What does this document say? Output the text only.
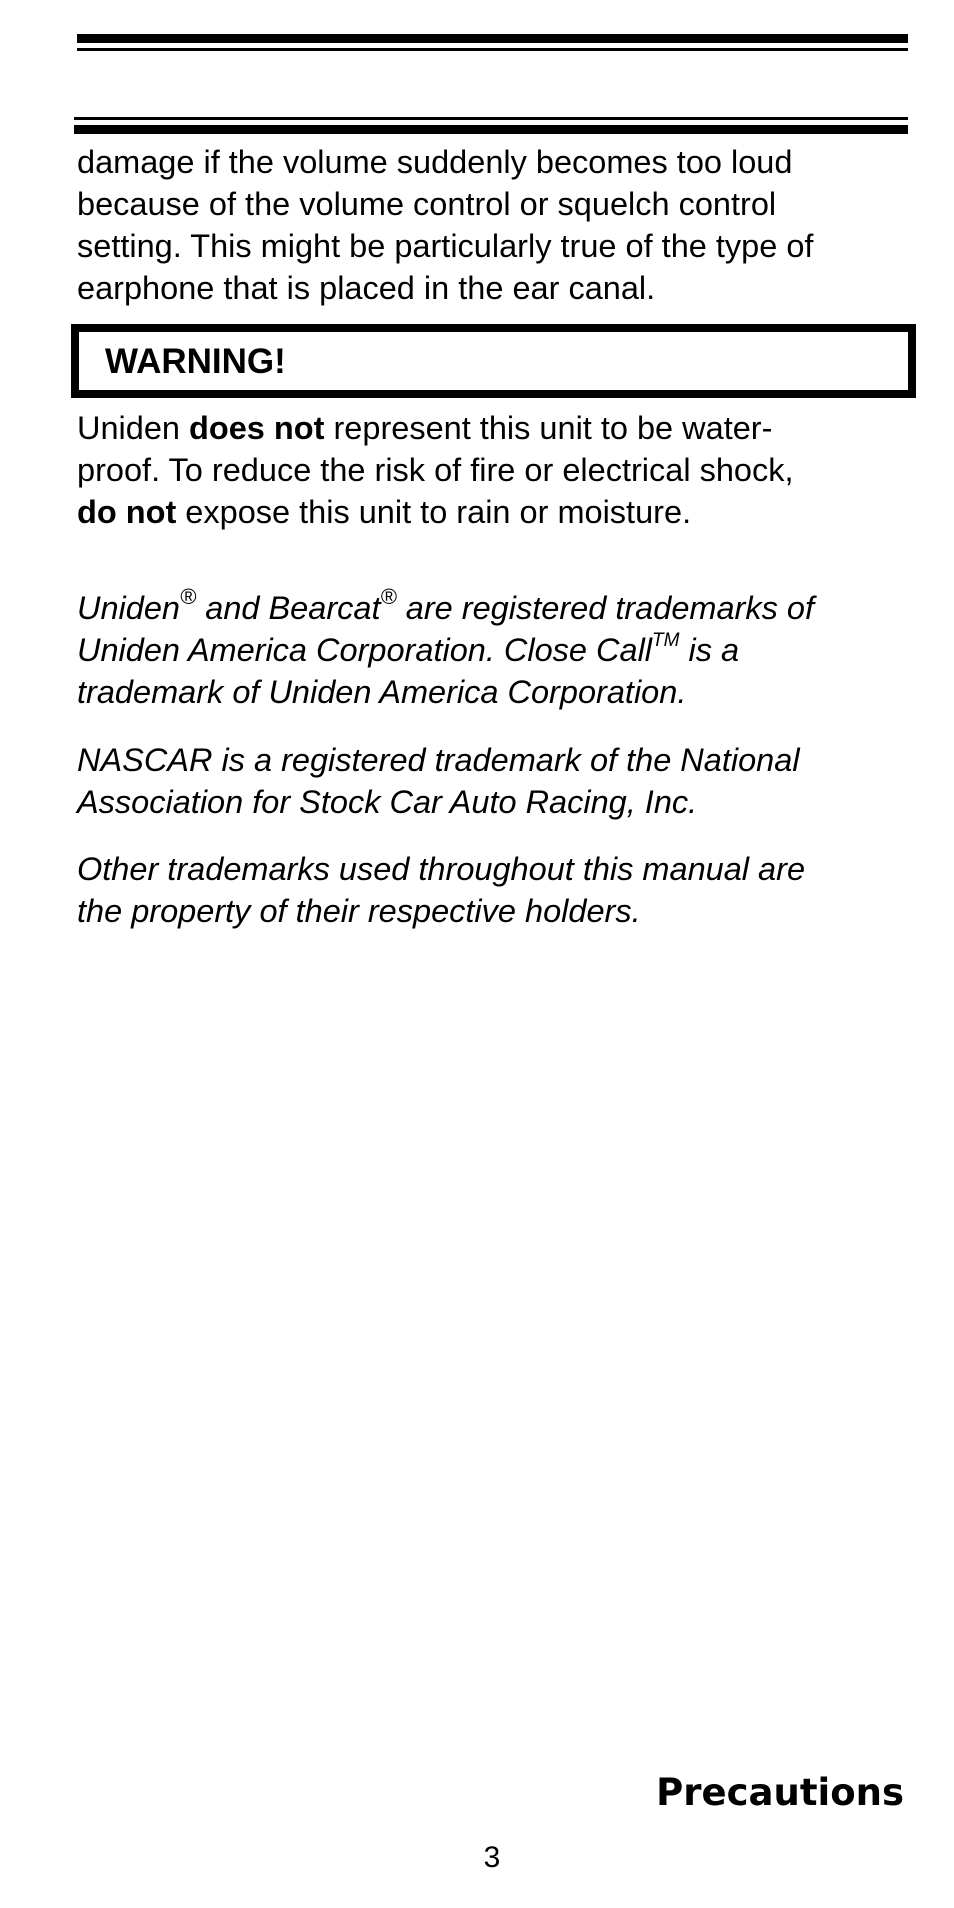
damage if the volume suddenly becomes too loud
because of the volume control or squelch control
setting. This might be particularly true of the type of
earphone that is placed in the ear canal.
WARNING!
Uniden does not represent this unit to be water-
proof. To reduce the risk of fire or electrical shock,
do not expose this unit to rain or moisture.
Uniden® and Bearcat® are registered trademarks of
Uniden America Corporation. Close Call™ is a
trademark of Uniden America Corporation.
NASCAR is a registered trademark of the National
Association for Stock Car Auto Racing, Inc.
Other trademarks used throughout this manual are
the property of their respective holders.
Precautions
3
